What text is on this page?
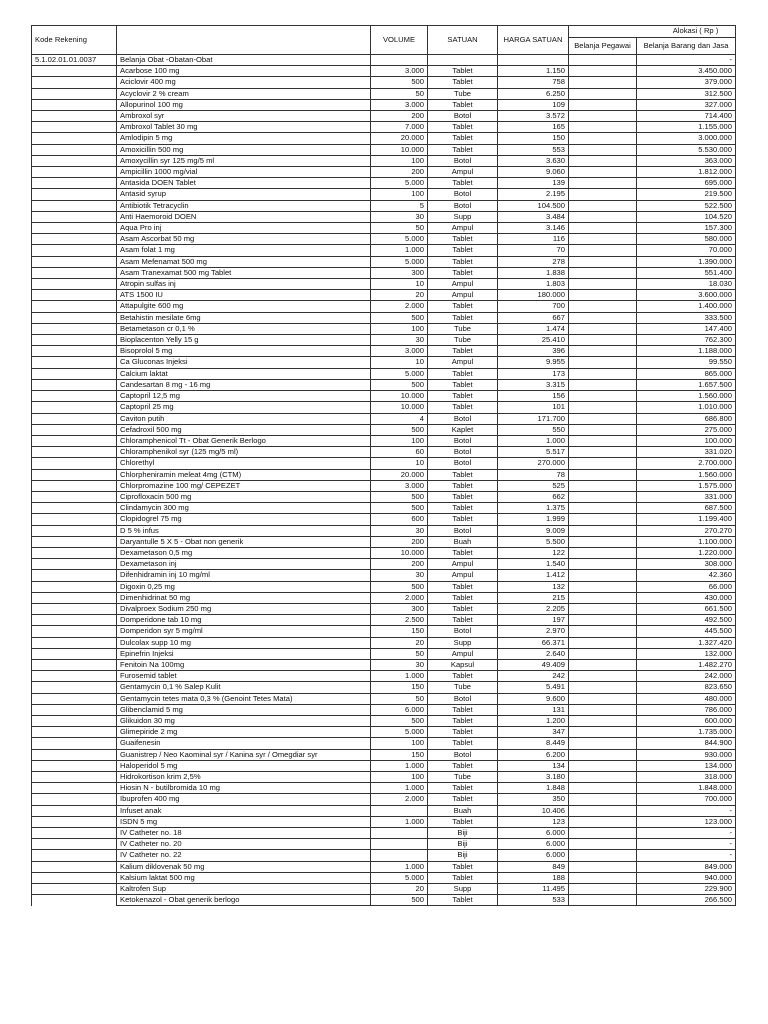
Kode Rekening		VOLUME	SATUAN	HARGA SATUAN	Alokasi ( Rp )	
					Belanja Pegawai	Belanja Barang dan Jasa
5.1.02.01.01.0037	Belanja Obat -Obatan-Obat					-
	Acarbose 100 mg	3.000	Tablet	1.150		3.450.000
	Aciclovir 400 mg	500	Tablet	758		379.000
	Acyclovir 2 % cream	50	Tube	6.250		312.500
	Allopurinol 100 mg	3.000	Tablet	109		327.000
	Ambroxol syr	200	Botol	3.572		714.400
	Ambroxol Tablet 30 mg	7.000	Tablet	165		1.155.000
	Amlodipin 5 mg	20.000	Tablet	150		3.000.000
	Amoxicillin 500 mg	10.000	Tablet	553		5.530.000
	Amoxycillin syr 125 mg/5 ml	100	Botol	3.630		363.000
	Ampicillin 1000 mg/vial	200	Ampul	9.060		1.812.000
	Antasida DOEN Tablet	5.000	Tablet	139		695.000
	Antasid syrup	100	Botol	2.195		219.500
	Antibiotik Tetracyclin	5	Botol	104.500		522.500
	Anti Haemoroid DOEN	30	Supp	3.484		104.520
	Aqua Pro inj	50	Ampul	3.146		157.300
	Asam Ascorbat 50 mg	5.000	Tablet	116		580.000
	Asam folat 1 mg	1.000	Tablet	70		70.000
	Asam Mefenamat 500 mg	5.000	Tablet	278		1.390.000
	Asam Tranexamat 500 mg Tablet	300	Tablet	1.838		551.400
	Atropin sulfas inj	10	Ampul	1.803		18.030
	ATS 1500 IU	20	Ampul	180.000		3.600.000
	Attapulgite 600 mg	2.000	Tablet	700		1.400.000
	Betahistin mesilate 6mg	500	Tablet	667		333.500
	Betametason cr 0,1 %	100	Tube	1.474		147.400
	Bioplacenton Yelly 15 g	30	Tube	25.410		762.300
	Bisoprolol 5 mg	3.000	Tablet	396		1.188.000
	Ca Gluconas Injeksi	10	Ampul	9.955		99.550
	Calcium laktat	5.000	Tablet	173		865.000
	Candesartan 8 mg - 16 mg	500	Tablet	3.315		1.657.500
	Captopril 12,5 mg	10.000	Tablet	156		1.560.000
	Captopril 25 mg	10.000	Tablet	101		1.010.000
	Caviton putih	4	Botol	171.700		686.800
	Cefadroxil 500 mg	500	Kaplet	550		275.000
	Chloramphenicol Tt - Obat Generik Berlogo	100	Botol	1.000		100.000
	Chloramphenikol syr (125 mg/5 ml)	60	Botol	5.517		331.020
	Chlorethyl	10	Botol	270.000		2.700.000
	Chlorpheniramin meleat 4mg (CTM)	20.000	Tablet	78		1.560.000
	Chlorpromazine 100 mg/ CEPEZET	3.000	Tablet	525		1.575.000
	Ciprofloxacin 500 mg	500	Tablet	662		331.000
	Clindamycin 300 mg	500	Tablet	1.375		687.500
	Clopidogrel 75 mg	600	Tablet	1.999		1.199.400
	D 5 % infus	30	Botol	9.009		270.270
	Daryantulle 5 X 5 - Obat non generik	200	Buah	5.500		1.100.000
	Dexametason 0,5 mg	10.000	Tablet	122		1.220.000
	Dexametason inj	200	Ampul	1.540		308.000
	Difenhidramin inj 10 mg/ml	30	Ampul	1.412		42.360
	Digoxin 0,25 mg	500	Tablet	132		66.000
	Dimenhidrinat 50 mg	2.000	Tablet	215		430.000
	Divalproex Sodium 250 mg	300	Tablet	2.205		661.500
	Domperidone tab 10 mg	2.500	Tablet	197		492.500
	Domperidon syr 5 mg/ml	150	Botol	2.970		445.500
	Dulcolax supp 10 mg	20	Supp	66.371		1.327.420
	Epinefrin Injeksi	50	Ampul	2.640		132.000
	Fenitoin Na 100mg	30	Kapsul	49.409		1.482.270
	Furosemid tablet	1.000	Tablet	242		242.000
	Gentamycin 0,1 % Salep Kulit	150	Tube	5.491		823.650
	Gentamycin tetes mata 0,3 % (Genoint Tetes Mata)	50	Botol	9.600		480.000
	Glibenclamid 5 mg	6.000	Tablet	131		786.000
	Glikuidon 30 mg	500	Tablet	1.200		600.000
	Glimepiride 2 mg	5.000	Tablet	347		1.735.000
	Guaifenesin	100	Tablet	8.449		844.900
	Guanistrep / Neo Kaominal syr / Kanina syr / Omegdiar syr	150	Botol	6.200		930.000
	Haloperidol 5 mg	1.000	Tablet	134		134.000
	Hidrokortison krim 2,5%	100	Tube	3.180		318.000
	Hiosin N - butilbromida 10 mg	1.000	Tablet	1.848		1.848.000
	Ibuprofen 400 mg	2.000	Tablet	350		700.000
	Infuset anak		Buah	10.406		-
	ISDN 5 mg	1.000	Tablet	123		123.000
	IV Catheter no. 18		Biji	6.000		-
	IV Catheter no. 20		Biji	6.000		-
	IV Catheter no. 22		Biji	6.000		-
	Kalium diklovenak 50 mg	1.000	Tablet	849		849.000
	Kalsium laktat 500 mg	5.000	Tablet	188		940.000
	Kaltrofen Sup	20	Supp	11.495		229.900
	Ketokenazol - Obat generik berlogo	500	Tablet	533		266.500
